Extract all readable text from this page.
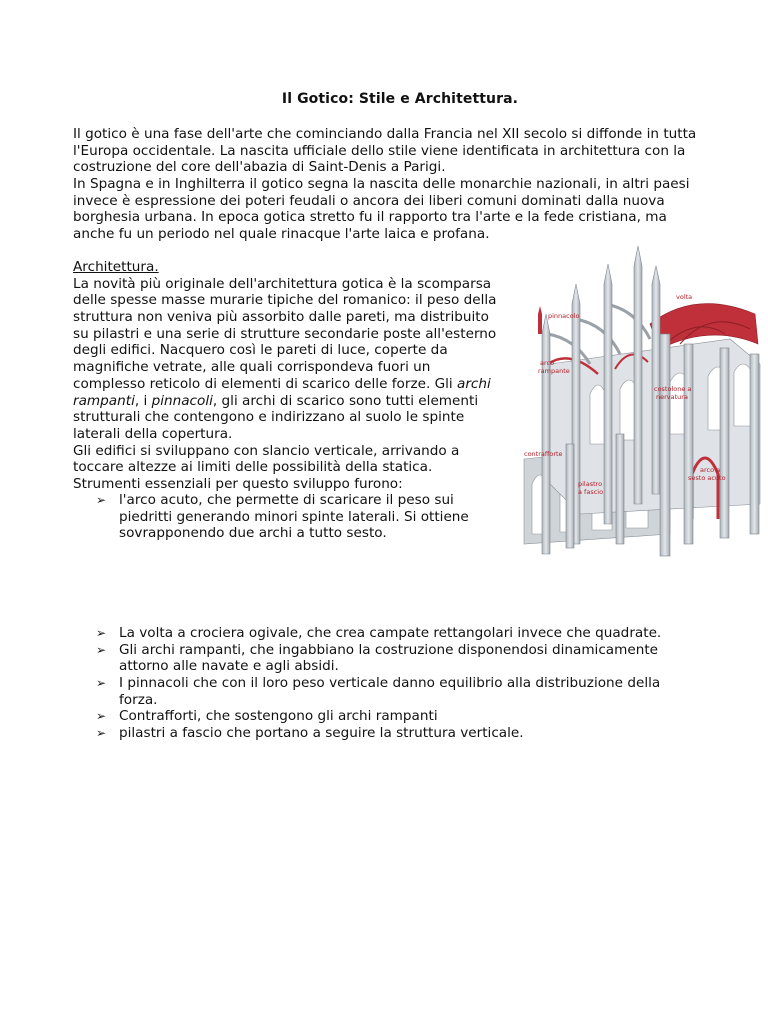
Il Gotico: Stile e Architettura.
Il gotico è una fase dell'arte che cominciando dalla Francia nel XII secolo si diffonde in tutta
l'Europa occidentale. La nascita ufficiale dello stile viene identificata in architettura con la
costruzione del core dell'abazia di Saint-Denis a Parigi.
In Spagna e in Inghilterra il gotico segna la nascita delle monarchie nazionali, in altri paesi
invece è espressione dei poteri feudali o ancora dei liberi comuni dominati dalla nuova
borghesia urbana. In epoca gotica stretto fu il rapporto tra l'arte e la fede cristiana, ma
anche fu un periodo nel quale rinacque l'arte laica e profana.
Architettura.
La novità più originale dell'architettura gotica è la scomparsa
delle spesse masse murarie tipiche del romanico: il peso della
struttura non veniva più assorbito dalle pareti, ma distribuito
su pilastri e una serie di strutture secondarie poste all'esterno
degli edifici. Nacquero così le pareti di luce, coperte da
magnifiche vetrate, alle quali corrispondeva fuori un
complesso reticolo di elementi di scarico delle forze. Gli archi
rampanti, i pinnacoli, gli archi di scarico sono tutti elementi
strutturali che contengono e indirizzano al suolo le spinte
laterali della copertura.
Gli edifici si sviluppano con slancio verticale, arrivando a
toccare altezze ai limiti delle possibilità della statica.
Strumenti essenziali per questo sviluppo furono:
➢ l'arco acuto, che permette di scaricare il peso sui
piedritti generando minori spinte laterali. Si ottiene
sovrapponendo due archi a tutto sesto.
➢ La volta a crociera ogivale, che crea campate rettangolari invece che quadrate.
➢ Gli archi rampanti, che ingabbiano la costruzione disponendosi dinamicamente
attorno alle navate e agli absidi.
➢ I pinnacoli che con il loro peso verticale danno equilibrio alla distribuzione della
forza.
➢ Contrafforti, che sostengono gli archi rampanti
➢ pilastri a fascio che portano a seguire la struttura verticale.
volta
pinnacolo
arco
rampante
costolone a
nervatura
contrafforte
pilastro
a fascio
arco a
sesto acuto
